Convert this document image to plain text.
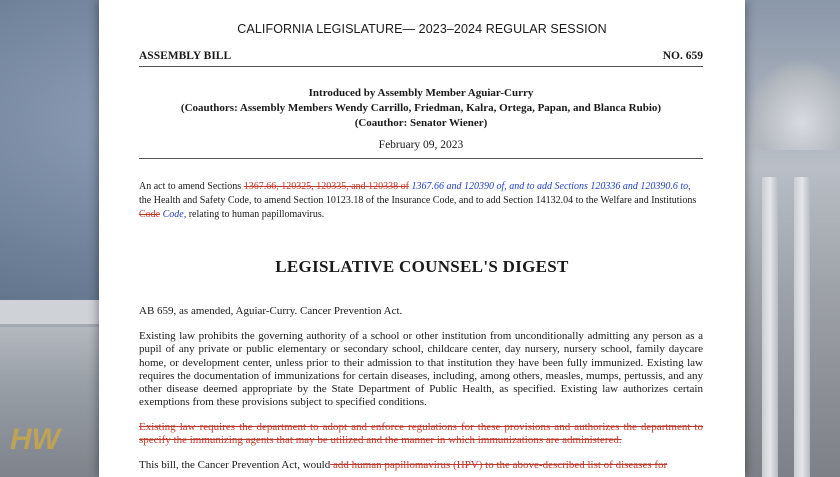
HW
CALIFORNIA LEGISLATURE— 2023–2024 REGULAR SESSION
ASSEMBLY BILL	NO. 659
Introduced by Assembly Member Aguiar-Curry
(Coauthors: Assembly Members Wendy Carrillo, Friedman, Kalra, Ortega, Papan, and Blanca Rubio)
(Coauthor: Senator Wiener)
February 09, 2023
An act to amend Sections 1367.66, 120325, 120335, and 120338 of 1367.66 and 120390 of, and to add Sections 120336 and 120390.6 to, the Health and Safety Code, to amend Section 10123.18 of the Insurance Code, and to add Section 14132.04 to the Welfare and Institutions Code Code, relating to human papillomavirus.
LEGISLATIVE COUNSEL'S DIGEST
AB 659, as amended, Aguiar-Curry. Cancer Prevention Act.
Existing law prohibits the governing authority of a school or other institution from unconditionally admitting any person as a pupil of any private or public elementary or secondary school, childcare center, day nursery, nursery school, family daycare home, or development center, unless prior to their admission to that institution they have been fully immunized. Existing law requires the documentation of immunizations for certain diseases, including, among others, measles, mumps, pertussis, and any other disease deemed appropriate by the State Department of Public Health, as specified. Existing law authorizes certain exemptions from these provisions subject to specified conditions.
Existing law requires the department to adopt and enforce regulations for these provisions and authorizes the department to specify the immunizing agents that may be utilized and the manner in which immunizations are administered.
This bill, the Cancer Prevention Act, would add human papillomavirus (HPV) to the above-described list of diseases for
